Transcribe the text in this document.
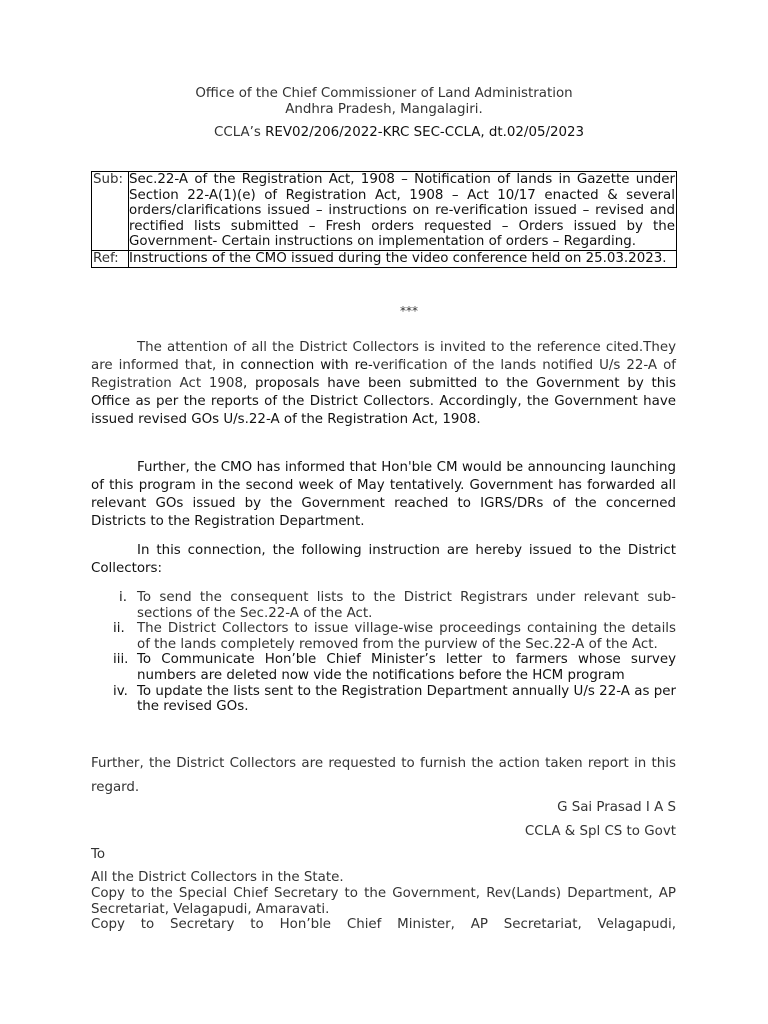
Office of the Chief Commissioner of Land Administration
Andhra Pradesh, Mangalagiri.
CCLA’s REV02/206/2022-KRC SEC-CCLA, dt.02/05/2023
Sub:	Sec.22-A of the Registration Act, 1908 – Notification of lands in Gazette under Section 22-A(1)(e) of Registration Act, 1908 – Act 10/17 enacted & several orders/clarifications issued – instructions on re-verification issued – revised and rectified lists submitted – Fresh orders requested – Orders issued by the Government- Certain instructions on implementation of orders – Regarding.
Ref:	Instructions of the CMO issued during the video conference held on 25.03.2023.
***
The attention of all the District Collectors is invited to the reference cited.They are informed that, in connection with re-verification of the lands notified U/s 22-A of Registration Act 1908, proposals have been submitted to the Government by this Office as per the reports of the District Collectors. Accordingly, the Government have issued revised GOs U/s.22-A of the Registration Act, 1908.
Further, the CMO has informed that Hon'ble CM would be announcing launching of this program in the second week of May tentatively. Government has forwarded all relevant GOs issued by the Government reached to IGRS/DRs of the concerned Districts to the Registration Department.
In this connection, the following instruction are hereby issued to the District Collectors:
i. To send the consequent lists to the District Registrars under relevant sub-sections of the Sec.22-A of the Act.
ii. The District Collectors to issue village-wise proceedings containing the details of the lands completely removed from the purview of the Sec.22-A of the Act.
iii. To Communicate Hon’ble Chief Minister’s letter to farmers whose survey numbers are deleted now vide the notifications before the HCM program
iv. To update the lists sent to the Registration Department annually U/s 22-A as per the revised GOs.
Further, the District Collectors are requested to furnish the action taken report in this regard.
G Sai Prasad I A S
CCLA & Spl CS to Govt
To
All the District Collectors in the State.
Copy to the Special Chief Secretary to the Government, Rev(Lands) Department, AP Secretariat, Velagapudi, Amaravati.
Copy to Secretary to Hon’ble Chief Minister, AP Secretariat, Velagapudi,
